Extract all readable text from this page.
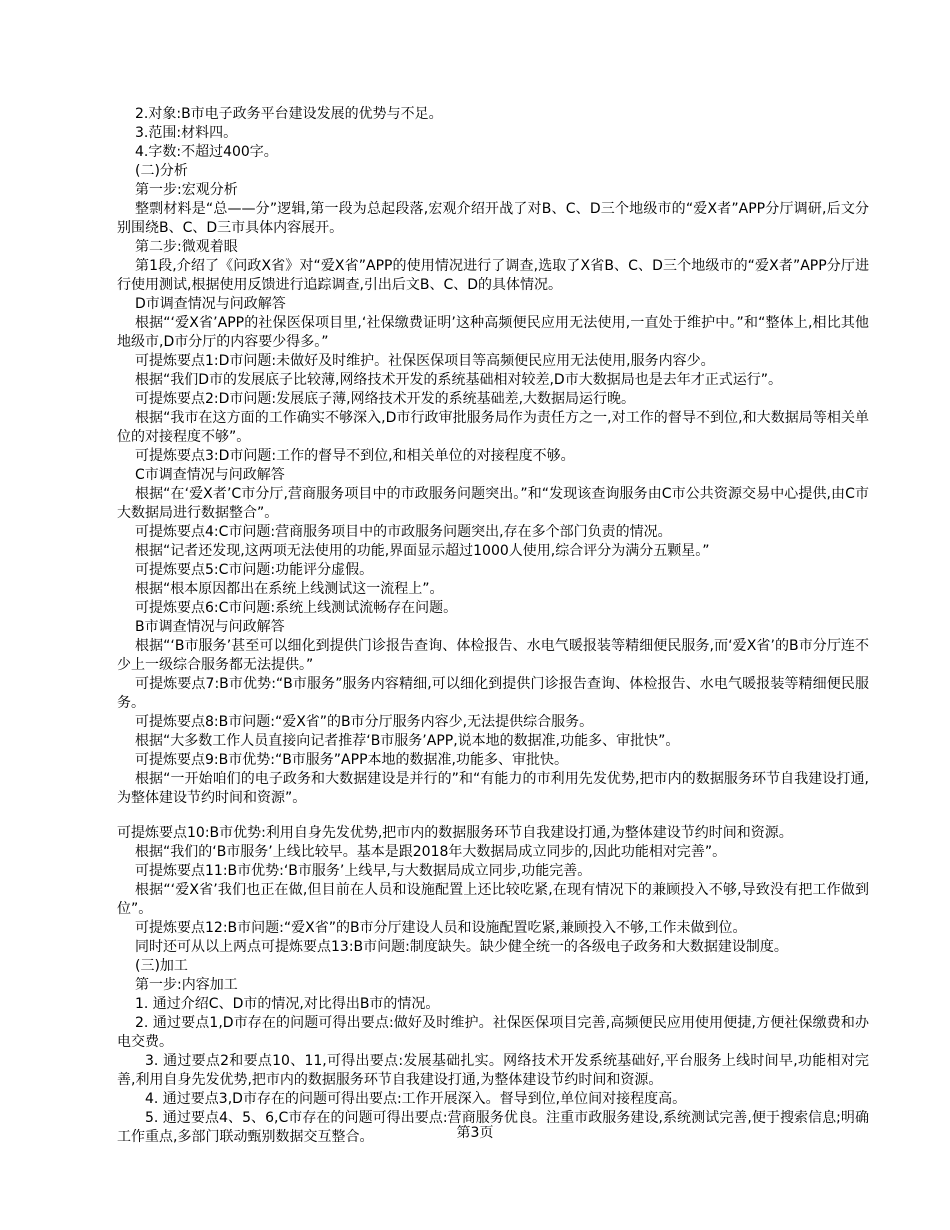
2.对象:B市电子政务平台建设发展的优势与不足。

3.范围:材料四。

4.字数:不超过400字。

(二)分析

第一步:宏观分析

整剽材料是“总——分”逻辑,第一段为总起段落,宏观介绍开战了对B、C、D三个地级市的“爱X者”APP分厅调研,后文分别围绕B、C、D三市具体内容展开。

第二步:微观着眼

第1段,介绍了《问政X省》对“爱X省”APP的使用情况进行了调查,选取了X省B、C、D三个地级市的“爱X者”APP分厅进行使用测试,根据使用反馈进行追踪调查,引出后文B、C、D的具体情况。

D市调查情况与问政解答

根据“‘爱X省’APP的社保医保项目里,‘社保缴费证明’这种高频便民应用无法使用,一直处于维护中。”和“整体上,相比其他地级市,D市分厅的内容要少得多。”

可提炼要点1:D市问题:未做好及时维护。社保医保项目等高频便民应用无法使用,服务内容少。

根据“我们D市的发展底子比较薄,网络技术开发的系统基础相对较差,D市大数据局也是去年才正式运行”。

可提炼要点2:D市问题:发展底子薄,网络技术开发的系统基础差,大数据局运行晚。

根据“我市在这方面的工作确实不够深入,D市行政审批服务局作为责任方之一,对工作的督导不到位,和大数据局等相关单位的对接程度不够”。

可提炼要点3:D市问题:工作的督导不到位,和相关单位的对接程度不够。

C市调查情况与问政解答

根据“在‘爱X者’C市分厅,营商服务项目中的市政服务问题突出。”和“发现该查询服务由C市公共资源交易中心提供,由C市大数据局进行数据整合”。

可提炼要点4:C市问题:营商服务项目中的市政服务问题突出,存在多个部门负责的情况。

根据“记者还发现,这两项无法使用的功能,界面显示超过1000人使用,综合评分为满分五颗星。”

可提炼要点5:C市问题:功能评分虚假。

根据“根本原因都出在系统上线测试这一流程上”。

可提炼要点6:C市问题:系统上线测试流畅存在问题。

B市调查情况与问政解答

根据“‘B市服务’甚至可以细化到提供门诊报告查询、体检报告、水电气暖报装等精细便民服务,而‘爱X省’的B市分厅连不少上一级综合服务都无法提供。”

可提炼要点7:B市优势:“B市服务”服务内容精细,可以细化到提供门诊报告查询、体检报告、水电气暖报装等精细便民服务。

可提炼要点8:B市问题:“爱X省”的B市分厅服务内容少,无法提供综合服务。

根据“大多数工作人员直接向记者推荐‘B市服务’APP,说本地的数据准,功能多、审批快”。

可提炼要点9:B市优势:“B市服务”APP本地的数据准,功能多、审批快。

根据“一开始咱们的电子政务和大数据建设是并行的”和“有能力的市利用先发优势,把市内的数据服务环节自我建设打通,为整体建设节约时间和资源”。

可提炼要点10:B市优势:利用自身先发优势,把市内的数据服务环节自我建设打通,为整体建设节约时间和资源。

根据“我们的‘B市服务’上线比较早。基本是跟2018年大数据局成立同步的,因此功能相对完善”。

可提炼要点11:B市优势:‘B市服务’上线早,与大数据局成立同步,功能完善。

根据“‘爱X省’我们也正在做,但目前在人员和设施配置上还比较吃紧,在现有情况下的兼顾投入不够,导致没有把工作做到位”。

可提炼要点12:B市问题:“爱X省”的B市分厅建设人员和设施配置吃紧,兼顾投入不够,工作未做到位。

同时还可从以上两点可提炼要点13:B市问题:制度缺失。缺少健全统一的各级电子政务和大数据建设制度。

(三)加工

第一步:内容加工

1. 通过介绍C、D市的情况,对比得出B市的情况。

2. 通过要点1,D市存在的问题可得出要点:做好及时维护。社保医保项目完善,高频便民应用使用便捷,方便社保缴费和办电交费。

3. 通过要点2和要点10、11,可得出要点:发展基础扎实。网络技术开发系统基础好,平台服务上线时间早,功能相对完善,利用自身先发优势,把市内的数据服务环节自我建设打通,为整体建设节约时间和资源。

4. 通过要点3,D市存在的问题可得出要点:工作开展深入。督导到位,单位间对接程度高。

5. 通过要点4、5、6,C市存在的问题可得出要点:营商服务优良。注重市政服务建设,系统测试完善,便于搜索信息;明确工作重点,多部门联动甄别数据交互整合。	第3页
